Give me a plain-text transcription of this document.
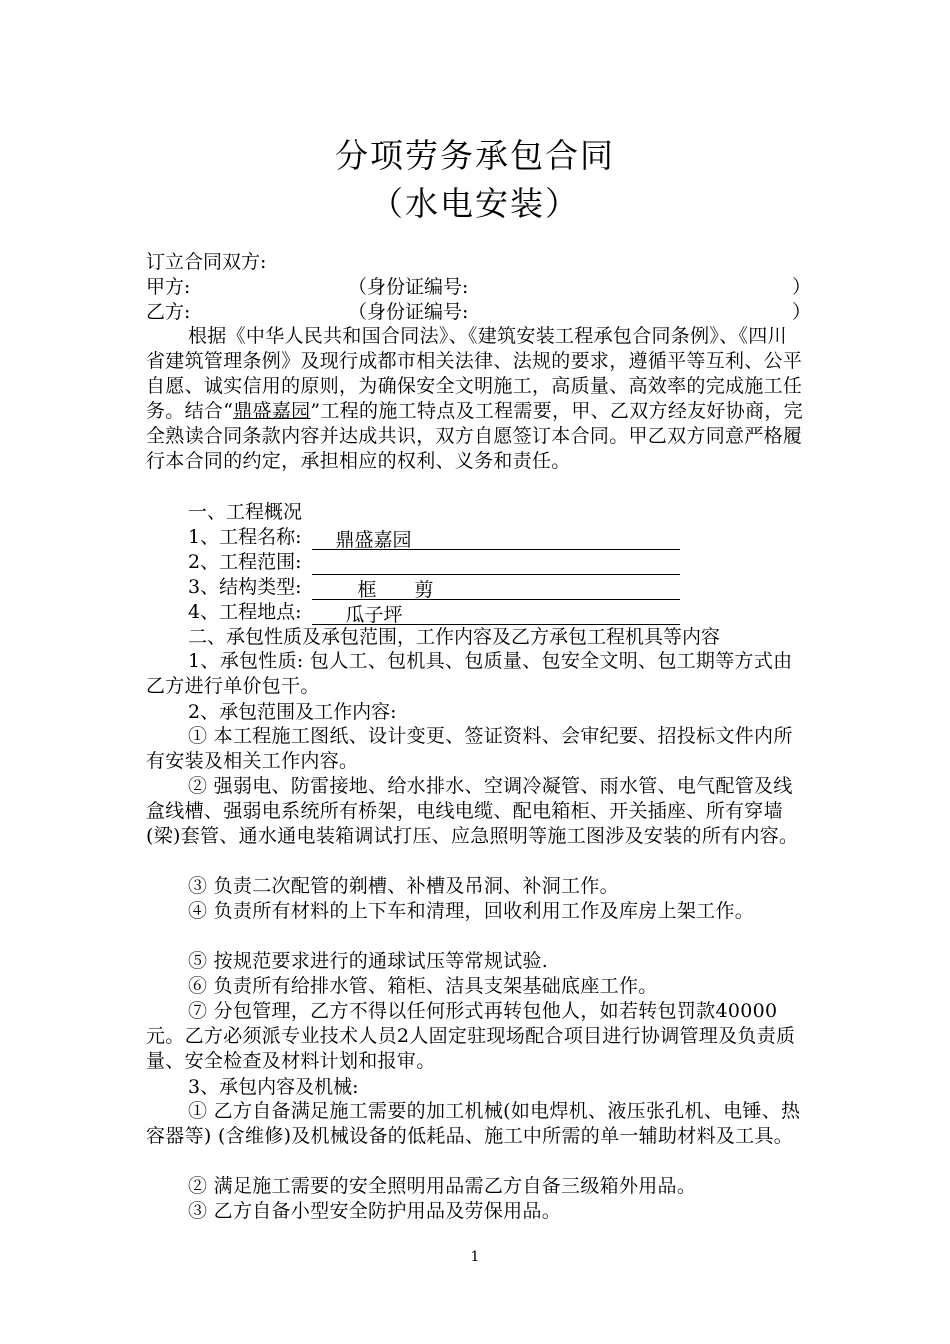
分项劳务承包合同
（水电安装）
订立合同双方:
甲方:	（身份证编号:	）
乙方:	（身份证编号:	）
根据《中华人民共和国合同法》、《建筑安装工程承包合同条例》、《四川省建筑管理条例》及现行成都市相关法律、法规的要求，遵循平等互利、公平自愿、诚实信用的原则，为确保安全文明施工，高质量、高效率的完成施工任务。结合“鼎盛嘉园”工程的施工特点及工程需要，甲、乙双方经友好协商，完全熟读合同条款内容并达成共识，双方自愿签订本合同。甲乙双方同意严格履行本合同的约定，承担相应的权利、义务和责任。
一、工程概况
1、工程名称: 鼎盛嘉园
2、工程范围:
3、结构类型:	框　　剪
4、工程地点: 瓜子坪
二、承包性质及承包范围，工作内容及乙方承包工程机具等内容
1、承包性质: 包人工、包机具、包质量、包安全文明、包工期等方式由乙方进行单价包干。
2、承包范围及工作内容:
① 本工程施工图纸、设计变更、签证资料、会审纪要、招投标文件内所有安装及相关工作内容。
② 强弱电、防雷接地、给水排水、空调冷凝管、雨水管、电气配管及线盒线槽、强弱电系统所有桥架，电线电缆、配电箱柜、开关插座、所有穿墙(梁)套管、通水通电装箱调试打压、应急照明等施工图涉及安装的所有内容。
③ 负责二次配管的剃槽、补槽及吊洞、补洞工作。
④ 负责所有材料的上下车和清理，回收利用工作及库房上架工作。
⑤ 按规范要求进行的通球试压等常规试验.
⑥ 负责所有给排水管、箱柜、洁具支架基础底座工作。
⑦ 分包管理，乙方不得以任何形式再转包他人，如若转包罚款40000元。乙方必须派专业技术人员2人固定驻现场配合项目进行协调管理及负责质量、安全检查及材料计划和报审。
3、承包内容及机械:
① 乙方自备满足施工需要的加工机械(如电焊机、液压张孔机、电锤、热容器等) (含维修)及机械设备的低耗品、施工中所需的单一辅助材料及工具。
② 满足施工需要的安全照明用品需乙方自备三级箱外用品。
③ 乙方自备小型安全防护用品及劳保用品。
1
